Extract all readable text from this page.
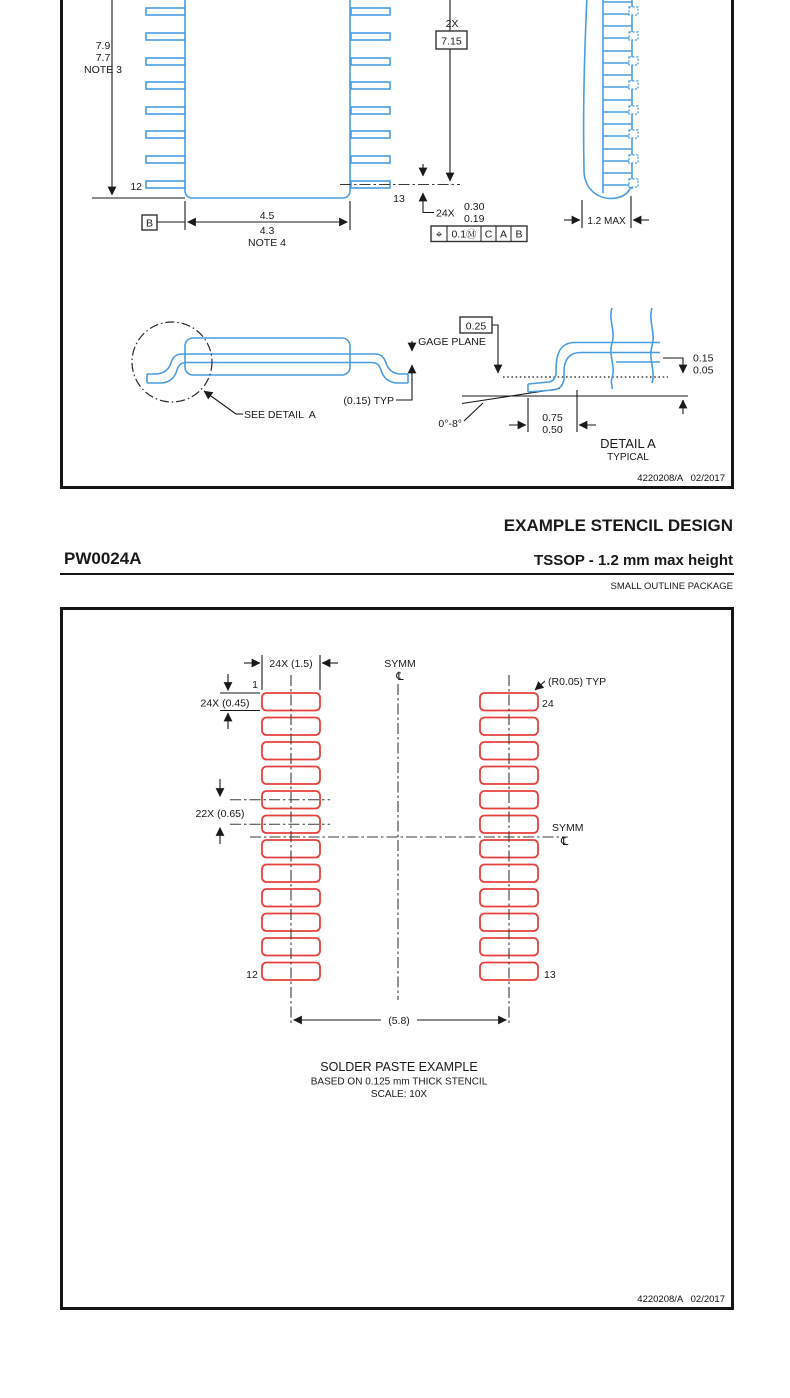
7.9
7.7
NOTE 3
12
B
4.5
4.3
NOTE 4
2X
7.15
13
24X
0.30
0.19
⌖ 0.1Ⓜ C A B
1.2 MAX
SEE DETAIL  A
(0.15) TYP
0.25
GAGE PLANE
0.15
0.05
0°-8°	0.75
0.50
DETAIL A
TYPICAL
4220208/A   02/2017
EXAMPLE STENCIL DESIGN
PW0024A	TSSOP - 1.2 mm max height
SMALL OUTLINE PACKAGE
24X (1.5)
1
24X (0.45)
(R0.05) TYP
24
SYMM
℄
22X (0.65)
SYMM
℄
12	13
(5.8)
SOLDER PASTE EXAMPLE
BASED ON 0.125 mm THICK STENCIL
SCALE: 10X
4220208/A   02/2017
